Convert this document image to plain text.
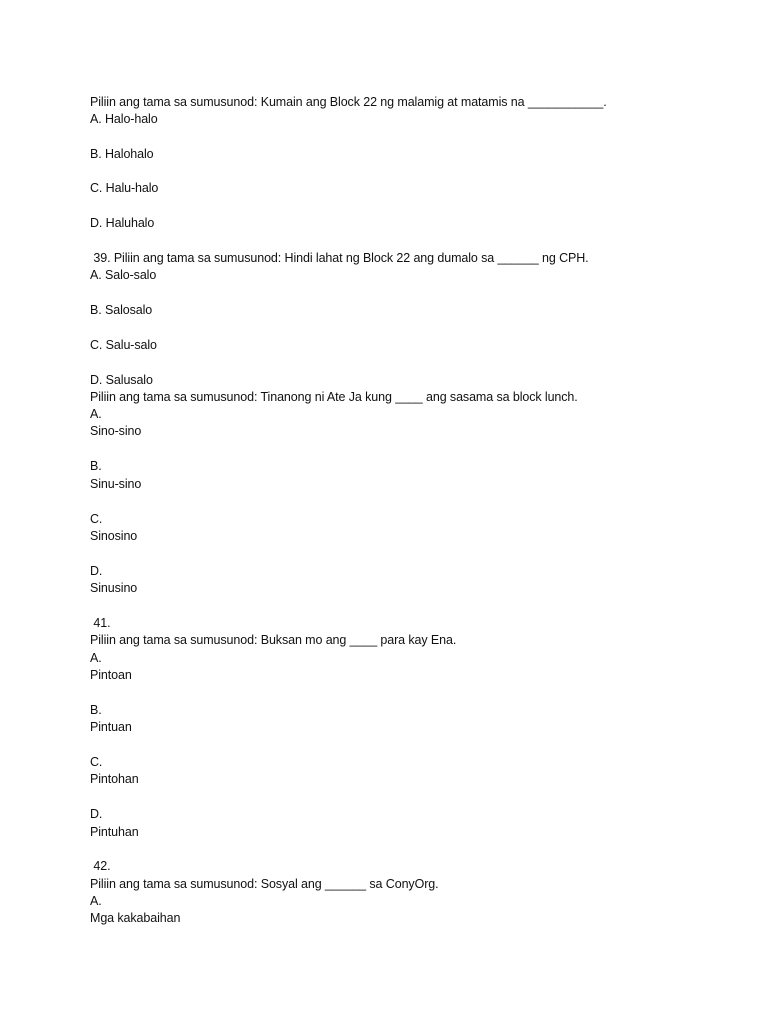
Piliin ang tama sa sumusunod: Kumain ang Block 22 ng malamig at matamis na ___________.
A. Halo-halo
B. Halohalo
C. Halu-halo
D. Haluhalo
39. Piliin ang tama sa sumusunod: Hindi lahat ng Block 22 ang dumalo sa ______ ng CPH.
A. Salo-salo
B. Salosalo
C. Salu-salo
D. Salusalo
Piliin ang tama sa sumusunod: Tinanong ni Ate Ja kung ____ ang sasama sa block lunch.
A.
Sino-sino
B.
Sinu-sino
C.
Sinosino
D.
Sinusino
41.
Piliin ang tama sa sumusunod: Buksan mo ang ____ para kay Ena.
A.
Pintoan
B.
Pintuan
C.
Pintohan
D.
Pintuhan
42.
Piliin ang tama sa sumusunod: Sosyal ang ______ sa ConyOrg.
A.
Mga kakabaihan
